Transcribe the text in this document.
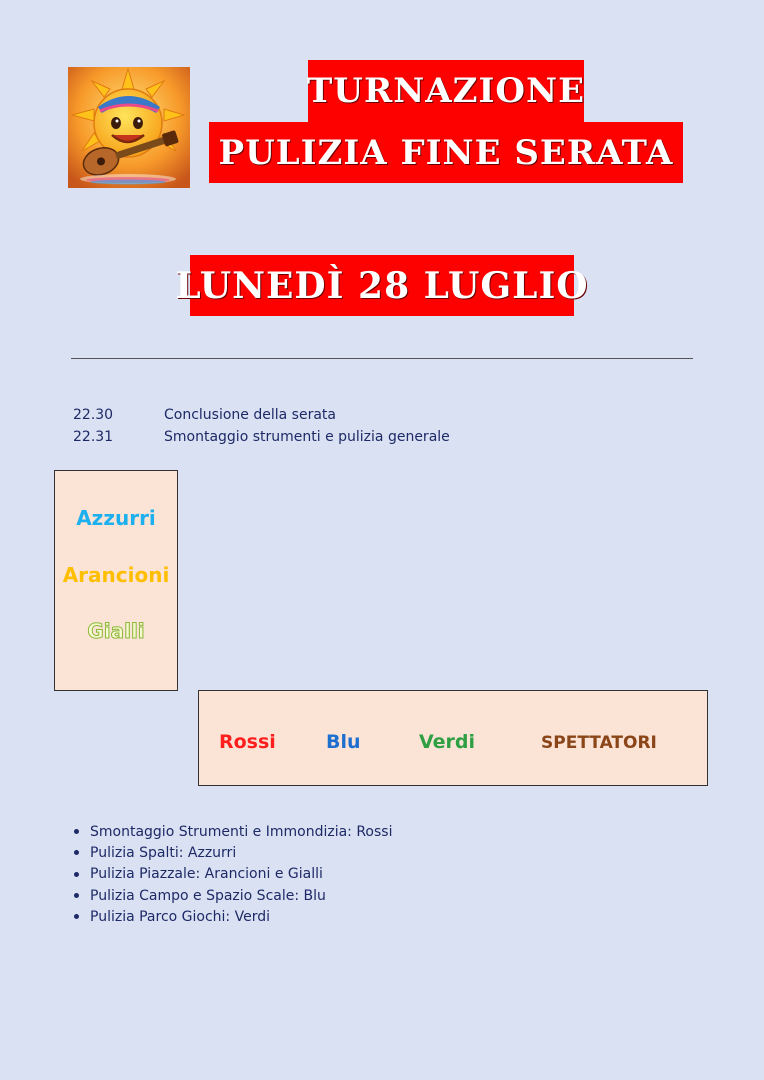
TURNAZIONE
PULIZIA FINE SERATA
LUNEDÌ 28 LUGLIO
22.30	Conclusione della serata
22.31	Smontaggio strumenti e pulizia generale
Azzurri
Arancioni
Gialli
Rossi	Blu	Verdi	SPETTATORI
Smontaggio Strumenti e Immondizia: Rossi
Pulizia Spalti: Azzurri
Pulizia Piazzale: Arancioni e Gialli
Pulizia Campo e Spazio Scale: Blu
Pulizia Parco Giochi: Verdi
